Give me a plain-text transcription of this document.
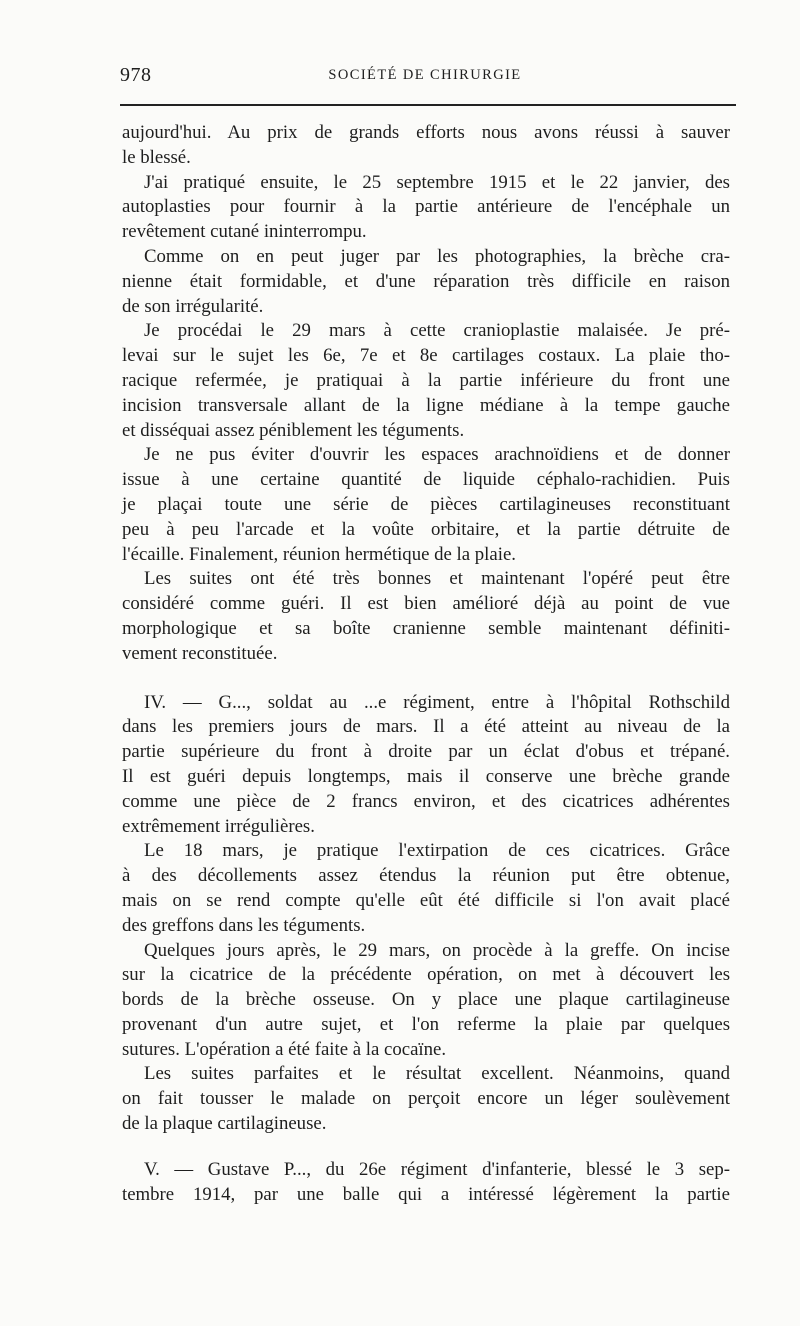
978	SOCIÉTÉ DE CHIRURGIE
aujourd'hui. Au prix de grands efforts nous avons réussi à sauver
le blessé.
J'ai pratiqué ensuite, le 25 septembre 1915 et le 22 janvier, des
autoplasties pour fournir à la partie antérieure de l'encéphale un
revêtement cutané ininterrompu.
Comme on en peut juger par les photographies, la brèche cra-
nienne était formidable, et d'une réparation très difficile en raison
de son irrégularité.
Je procédai le 29 mars à cette cranioplastie malaisée. Je pré-
levai sur le sujet les 6e, 7e et 8e cartilages costaux. La plaie tho-
racique refermée, je pratiquai à la partie inférieure du front une
incision transversale allant de la ligne médiane à la tempe gauche
et disséquai assez péniblement les téguments.
Je ne pus éviter d'ouvrir les espaces arachnoïdiens et de donner
issue à une certaine quantité de liquide céphalo-rachidien. Puis
je plaçai toute une série de pièces cartilagineuses reconstituant
peu à peu l'arcade et la voûte orbitaire, et la partie détruite de
l'écaille. Finalement, réunion hermétique de la plaie.
Les suites ont été très bonnes et maintenant l'opéré peut être
considéré comme guéri. Il est bien amélioré déjà au point de vue
morphologique et sa boîte cranienne semble maintenant définiti-
vement reconstituée.
IV. — G..., soldat au ...e régiment, entre à l'hôpital Rothschild
dans les premiers jours de mars. Il a été atteint au niveau de la
partie supérieure du front à droite par un éclat d'obus et trépané.
Il est guéri depuis longtemps, mais il conserve une brèche grande
comme une pièce de 2 francs environ, et des cicatrices adhérentes
extrêmement irrégulières.
Le 18 mars, je pratique l'extirpation de ces cicatrices. Grâce
à des décollements assez étendus la réunion put être obtenue,
mais on se rend compte qu'elle eût été difficile si l'on avait placé
des greffons dans les téguments.
Quelques jours après, le 29 mars, on procède à la greffe. On incise
sur la cicatrice de la précédente opération, on met à découvert les
bords de la brèche osseuse. On y place une plaque cartilagineuse
provenant d'un autre sujet, et l'on referme la plaie par quelques
sutures. L'opération a été faite à la cocaïne.
Les suites parfaites et le résultat excellent. Néanmoins, quand
on fait tousser le malade on perçoit encore un léger soulèvement
de la plaque cartilagineuse.
V. — Gustave P..., du 26e régiment d'infanterie, blessé le 3 sep-
tembre 1914, par une balle qui a intéressé légèrement la partie
